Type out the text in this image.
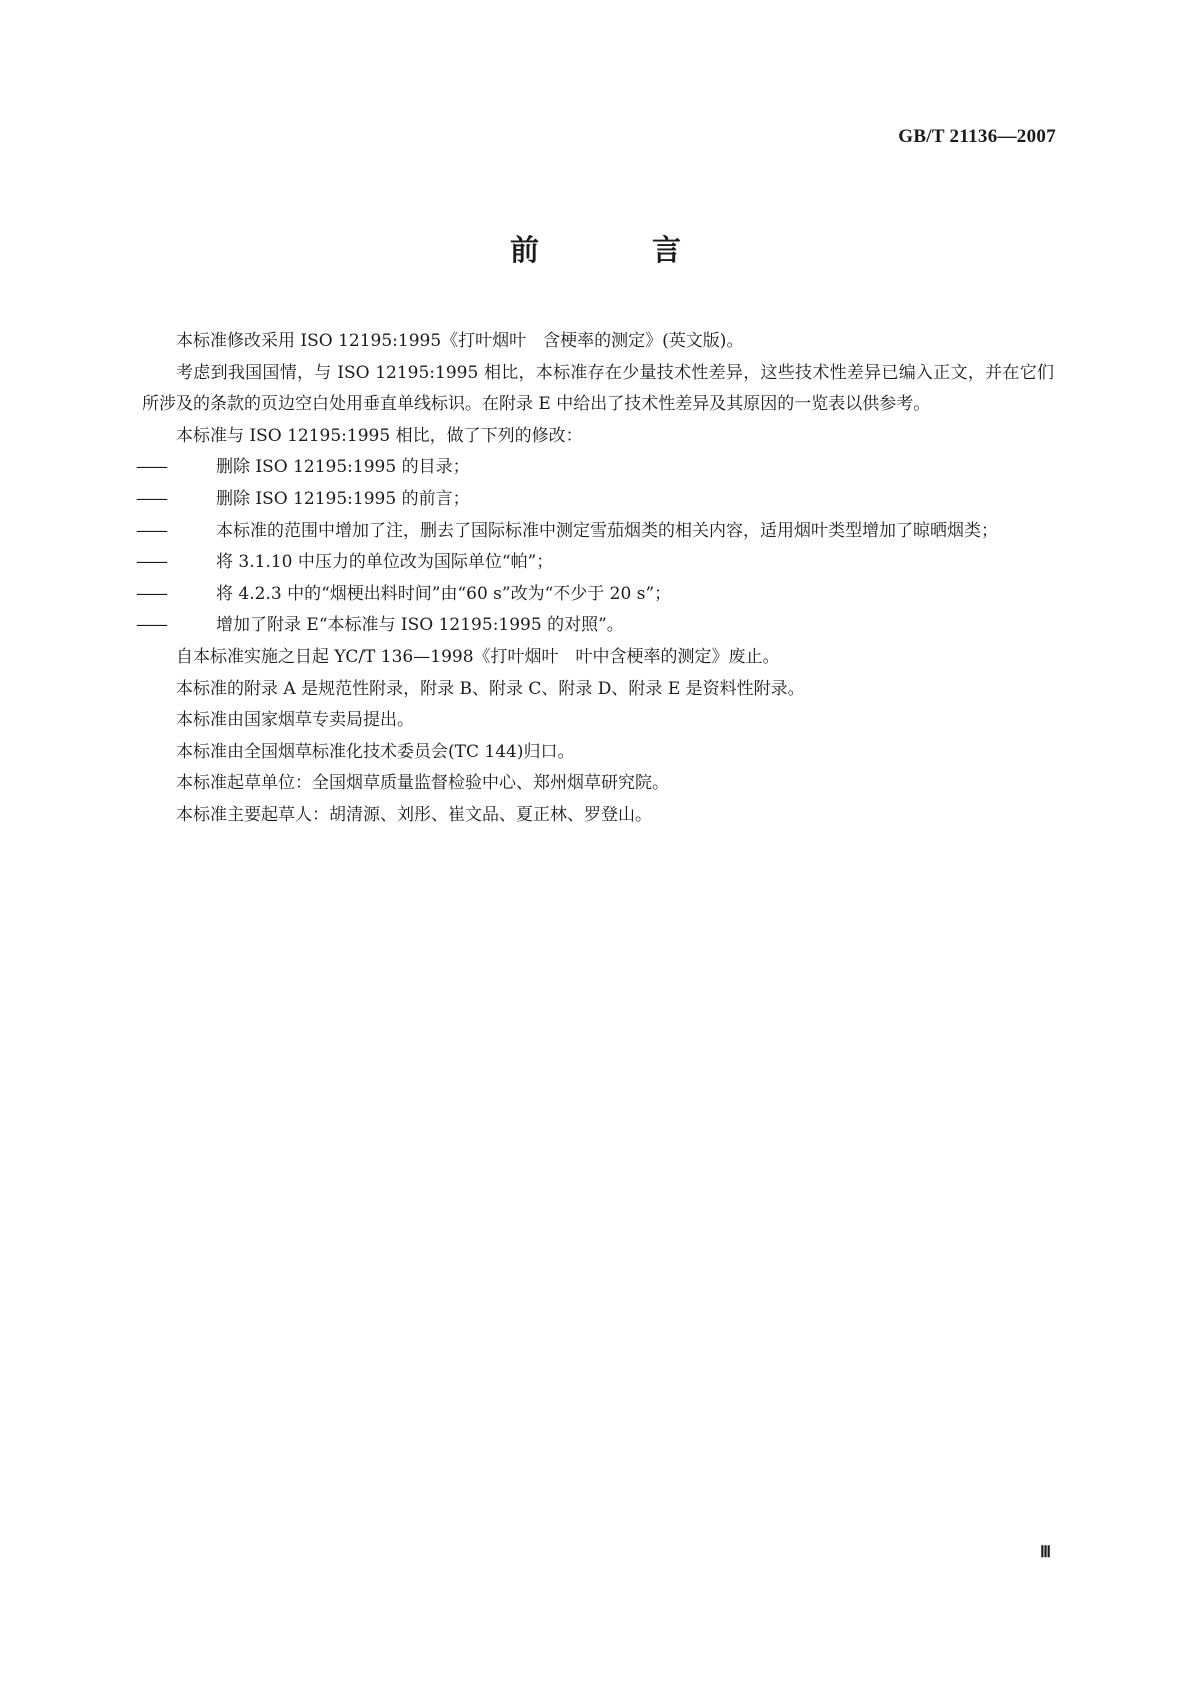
GB/T 21136—2007
前　言

本标准修改采用 ISO 12195:1995《打叶烟叶　含梗率的测定》(英文版)。

考虑到我国国情，与 ISO 12195:1995 相比，本标准存在少量技术性差异，这些技术性差异已编入正文，并在它们所涉及的条款的页边空白处用垂直单线标识。在附录 E 中给出了技术性差异及其原因的一览表以供参考。

本标准与 ISO 12195:1995 相比，做了下列的修改：

——	删除 ISO 12195:1995 的目录；

——	删除 ISO 12195:1995 的前言；

——	本标准的范围中增加了注，删去了国际标准中测定雪茄烟类的相关内容，适用烟叶类型增加了晾晒烟类；

——	将 3.1.10 中压力的单位改为国际单位“帕”；

——	将 4.2.3 中的“烟梗出料时间”由“60 s”改为“不少于 20 s”；

——	增加了附录 E“本标准与 ISO 12195:1995 的对照”。

自本标准实施之日起 YC/T 136—1998《打叶烟叶　叶中含梗率的测定》废止。

本标准的附录 A 是规范性附录，附录 B、附录 C、附录 D、附录 E 是资料性附录。

本标准由国家烟草专卖局提出。

本标准由全国烟草标准化技术委员会(TC 144)归口。

本标准起草单位：全国烟草质量监督检验中心、郑州烟草研究院。

本标准主要起草人：胡清源、刘彤、崔文品、夏正林、罗登山。

Ⅲ
